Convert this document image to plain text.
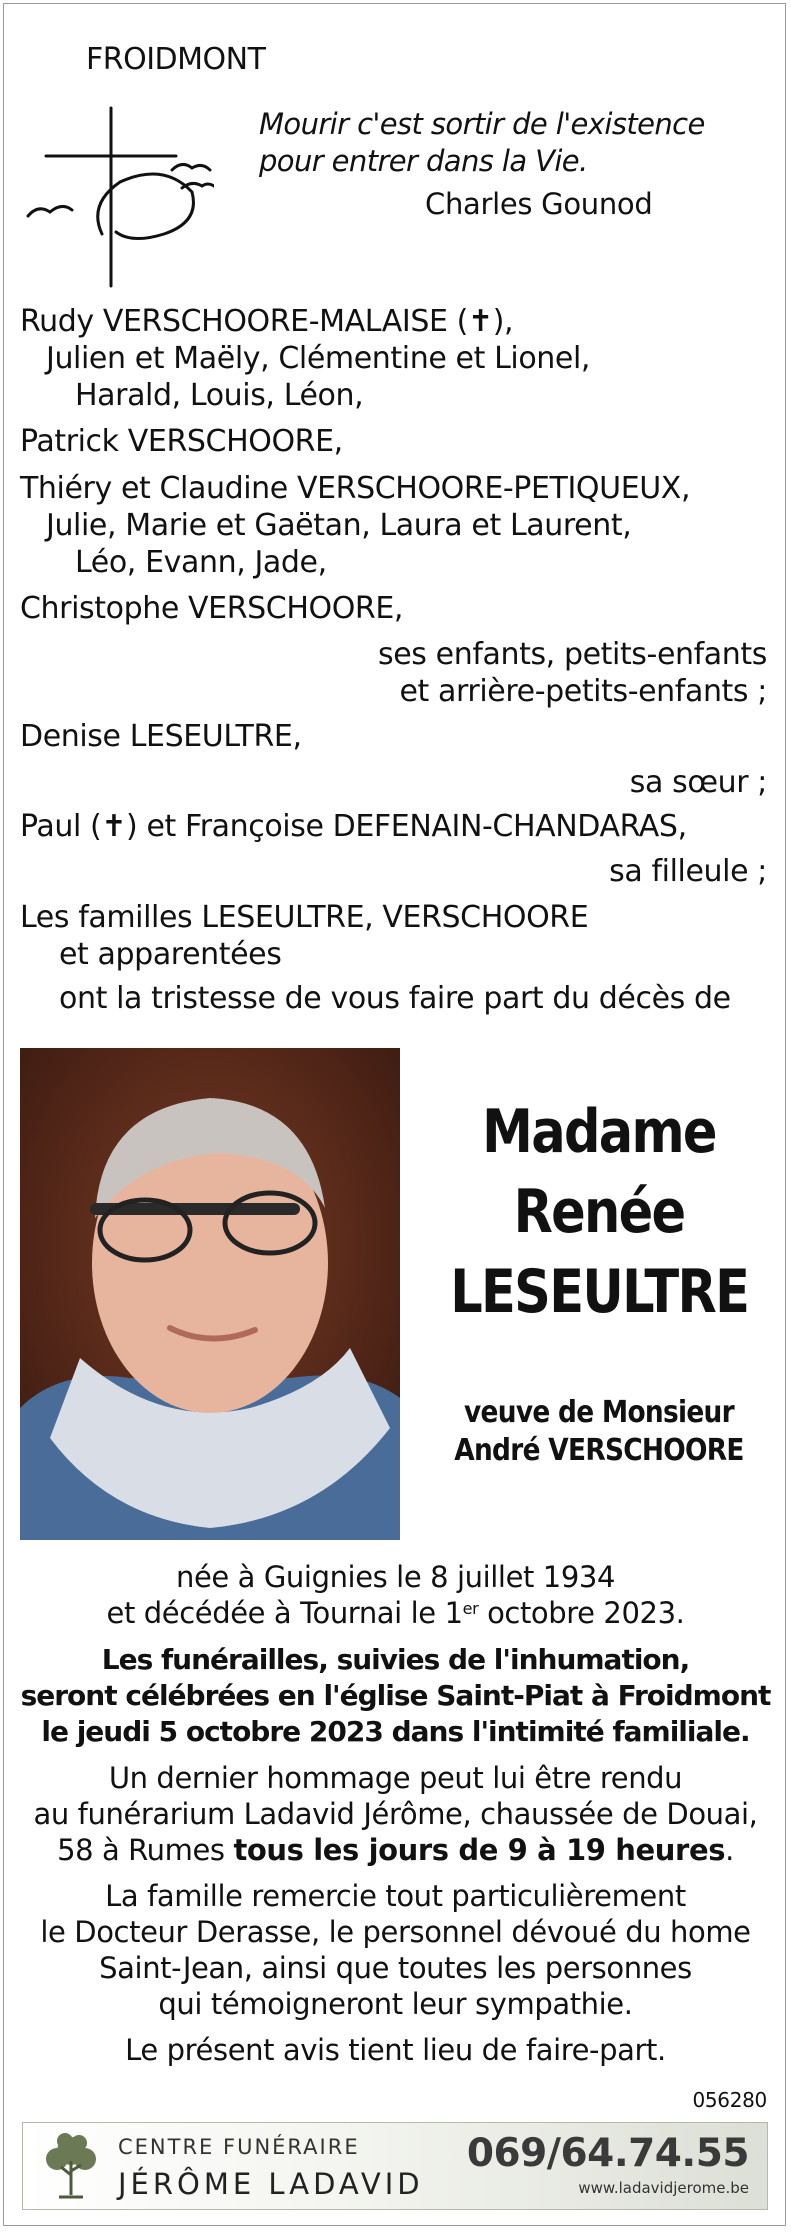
FROIDMONT
Mourir c'est sortir de l'existence
pour entrer dans la Vie.
Charles Gounod
Rudy VERSCHOORE-MALAISE (✝),
Julien et Maëly, Clémentine et Lionel,
Harald, Louis, Léon,
Patrick VERSCHOORE,
Thiéry et Claudine VERSCHOORE-PETIQUEUX,
Julie, Marie et Gaëtan, Laura et Laurent,
Léo, Evann, Jade,
Christophe VERSCHOORE,
ses enfants, petits-enfants
et arrière-petits-enfants ;
Denise LESEULTRE,
sa sœur ;
Paul (✝) et Françoise DEFENAIN-CHANDARAS,
sa filleule ;
Les familles LESEULTRE, VERSCHOORE
et apparentées
ont la tristesse de vous faire part du décès de
Madame
Renée
LESEULTRE
veuve de Monsieur
André VERSCHOORE
née à Guignies le 8 juillet 1934
et décédée à Tournai le 1er octobre 2023.
Les funérailles, suivies de l'inhumation,
seront célébrées en l'église Saint-Piat à Froidmont
le jeudi 5 octobre 2023 dans l'intimité familiale.
Un dernier hommage peut lui être rendu
au funérarium Ladavid Jérôme, chaussée de Douai,
58 à Rumes tous les jours de 9 à 19 heures.
La famille remercie tout particulièrement
le Docteur Derasse, le personnel dévoué du home
Saint-Jean, ainsi que toutes les personnes
qui témoigneront leur sympathie.
Le présent avis tient lieu de faire-part.
056280
CENTRE FUNÉRAIRE
JÉRÔME LADAVID
069/64.74.55
www.ladavidjerome.be
